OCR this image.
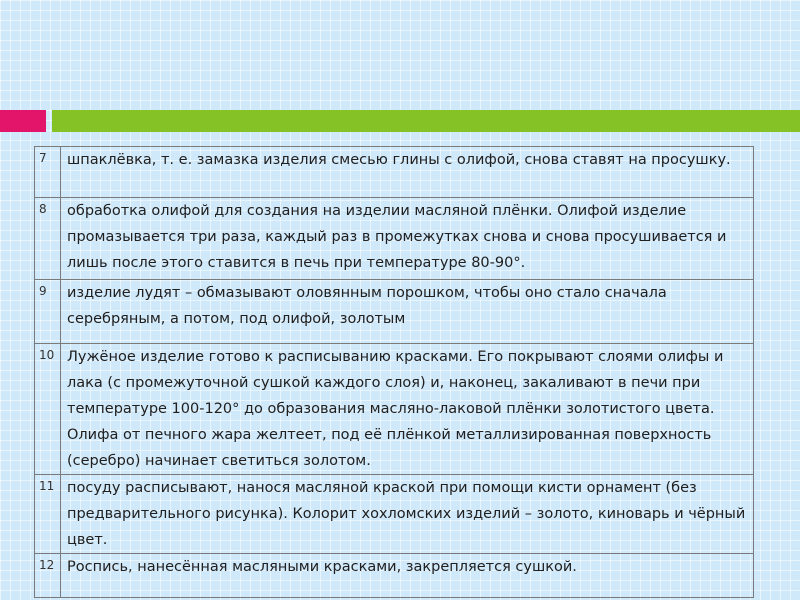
7	шпаклёвка, т. е. замазка изделия смесью глины с олифой, снова ставят на просушку.
8	обработка олифой для создания на изделии масляной плёнки. Олифой изделие промазывается три раза, каждый раз в промежутках снова и снова просушивается и лишь после этого ставится в печь при температуре 80-90°.
9	изделие лудят – обмазывают оловянным порошком, чтобы оно стало сначала серебряным, а потом, под олифой, золотым
10	Лужёное изделие готово к расписыванию красками. Его покрывают слоями олифы и лака (с промежуточной сушкой каждого слоя) и, наконец, закаливают в печи при температуре 100-120° до образования масляно-лаковой плёнки золотистого цвета. Олифа от печного жара желтеет, под её плёнкой металлизированная поверхность (серебро) начинает светиться золотом.
11	посуду расписывают, нанося масляной краской при помощи кисти орнамент (без предварительного рисунка). Колорит хохломских изделий – золото, киноварь и чёрный цвет.
12	Роспись, нанесённая масляными красками, закрепляется сушкой.
